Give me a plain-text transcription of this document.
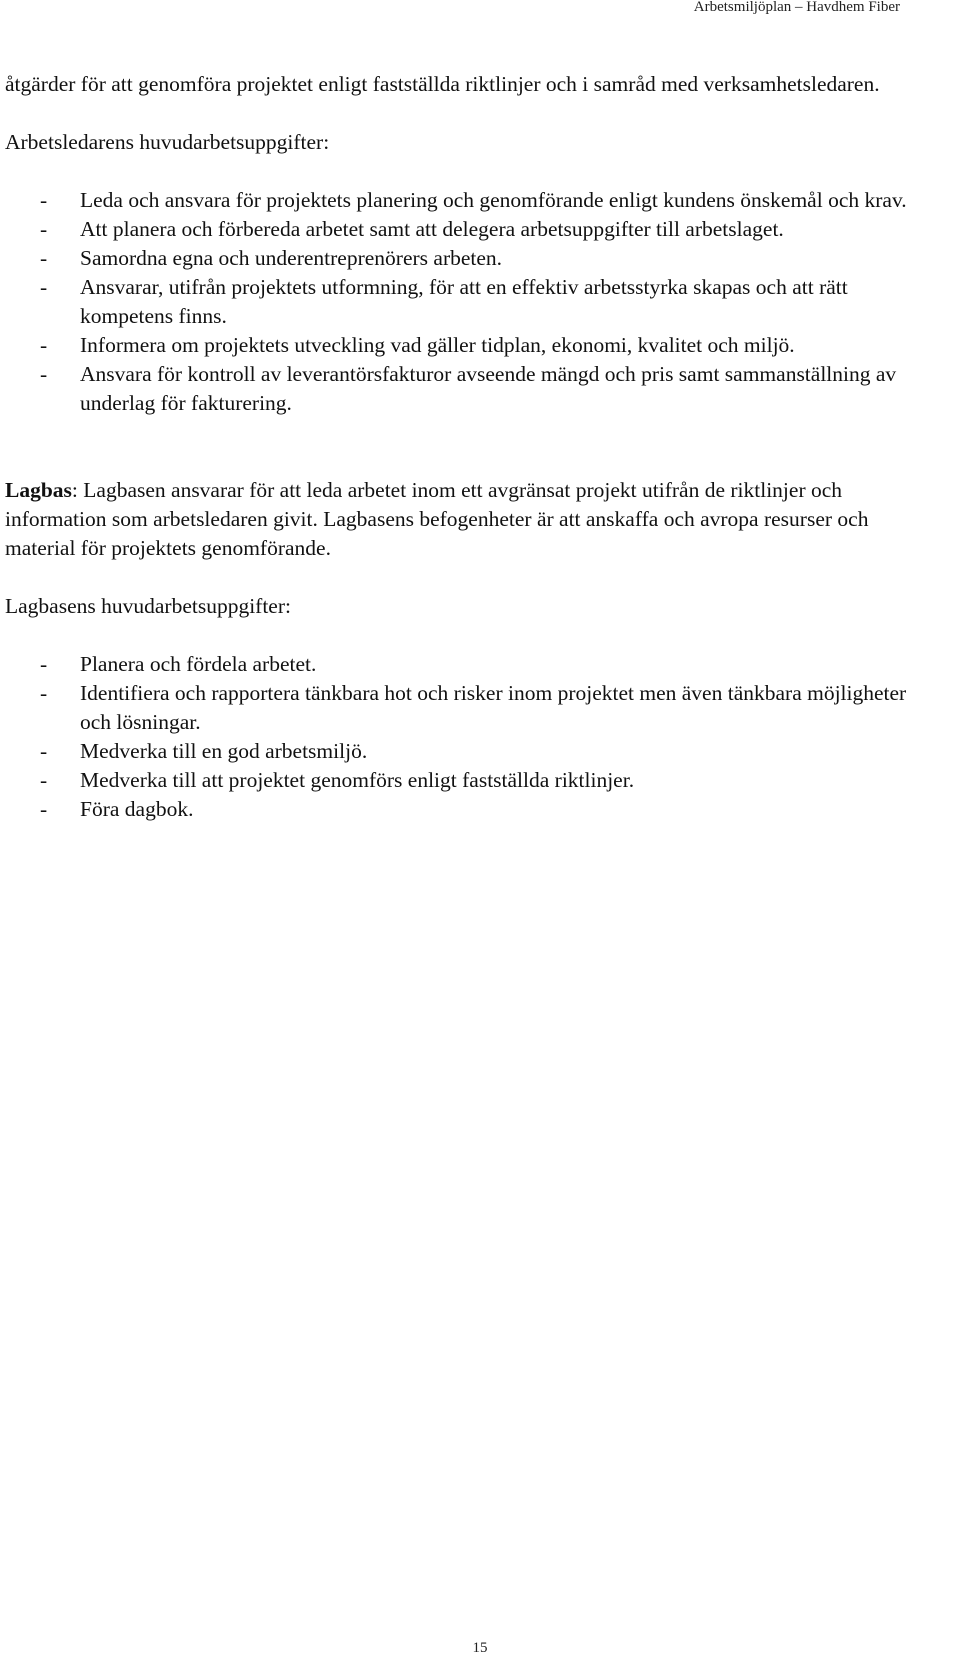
Arbetsmiljöplan – Havdhem Fiber

åtgärder för att genomföra projektet enligt fastställda riktlinjer och i samråd med verksamhetsledaren.

Arbetsledarens huvudarbetsuppgifter:

- Leda och ansvara för projektets planering och genomförande enligt kundens önskemål och krav.
- Att planera och förbereda arbetet samt att delegera arbetsuppgifter till arbetslaget.
- Samordna egna och underentreprenörers arbeten.
- Ansvarar, utifrån projektets utformning, för att en effektiv arbetsstyrka skapas och att rätt kompetens finns.
- Informera om projektets utveckling vad gäller tidplan, ekonomi, kvalitet och miljö.
- Ansvara för kontroll av leverantörsfakturor avseende mängd och pris samt sammanställning av underlag för fakturering.

Lagbas: Lagbasen ansvarar för att leda arbetet inom ett avgränsat projekt utifrån de riktlinjer och information som arbetsledaren givit. Lagbasens befogenheter är att anskaffa och avropa resurser och material för projektets genomförande.

Lagbasens huvudarbetsuppgifter:

- Planera och fördela arbetet.
- Identifiera och rapportera tänkbara hot och risker inom projektet men även tänkbara möjligheter och lösningar.
- Medverka till en god arbetsmiljö.
- Medverka till att projektet genomförs enligt fastställda riktlinjer.
- Föra dagbok.
15
